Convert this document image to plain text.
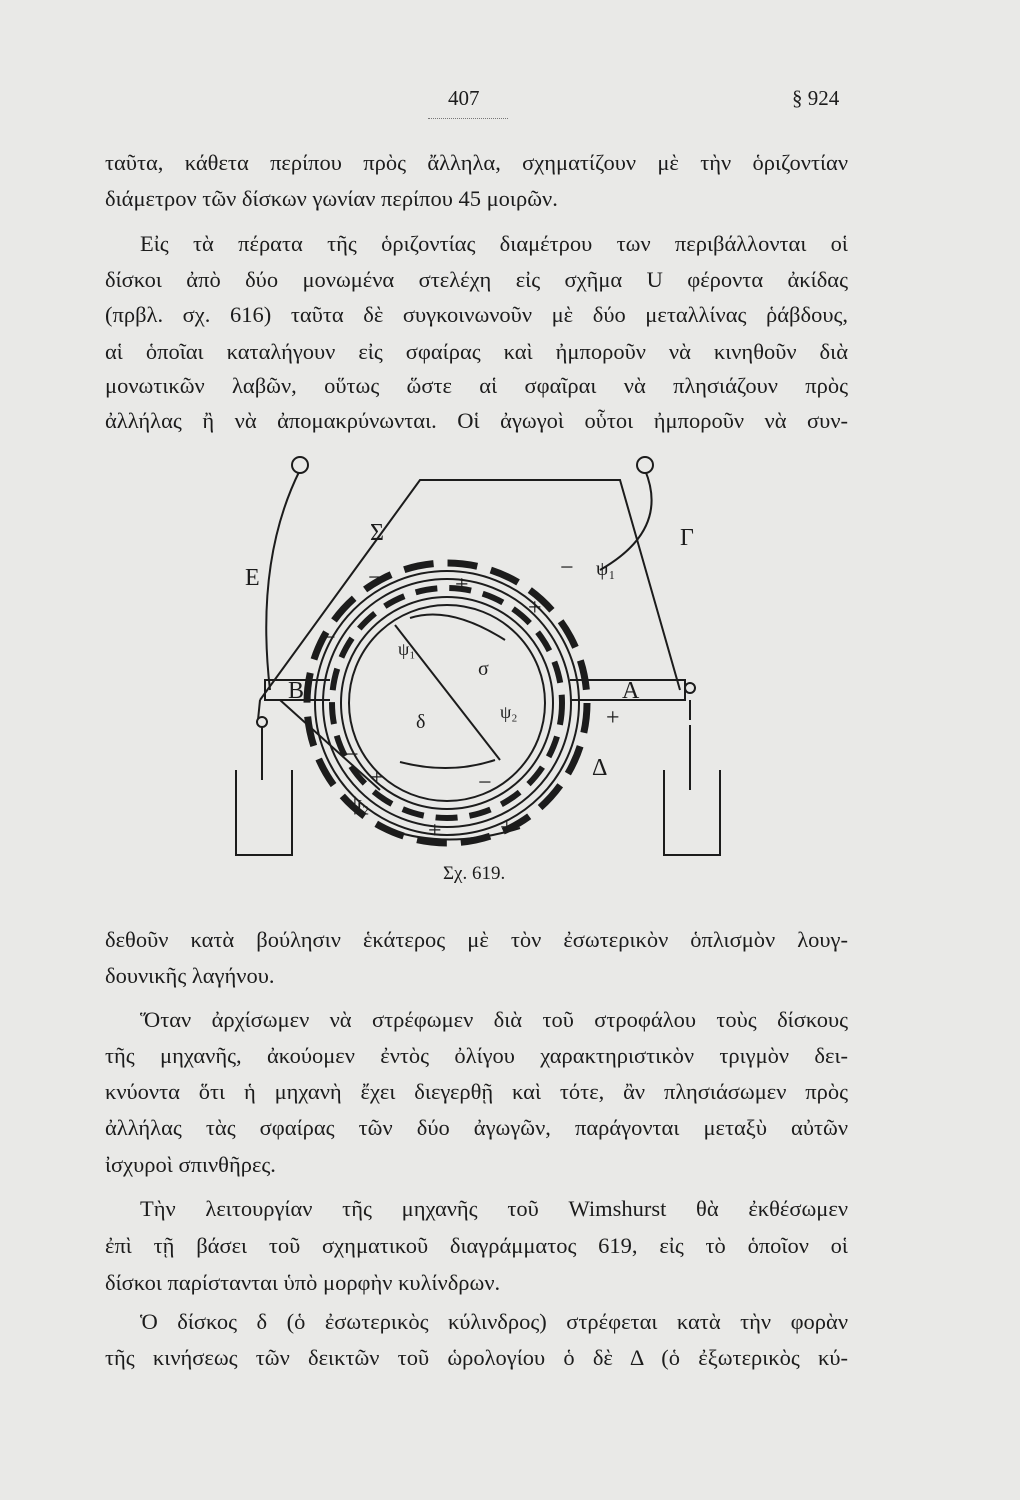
407	§ 924
ταῦτα, κάθετα περίπου πρὸς ἄλληλα, σχηματίζουν μὲ τὴν ὁριζοντίαν
διάμετρον τῶν δίσκων γωνίαν περίπου 45 μοιρῶν.
Εἰς τὰ πέρατα τῆς ὁριζοντίας διαμέτρου των περιβάλλονται οἱ
δίσκοι ἀπὸ δύο μονωμένα στελέχη εἰς σχῆμα U φέροντα ἀκίδας
(πρβλ. σχ. 616) ταῦτα δὲ συγκοινωνοῦν μὲ δύο μεταλλίνας ῥάβδους,
αἱ ὁποῖαι καταλήγουν εἰς σφαίρας καὶ ἠμποροῦν νὰ κινηθοῦν διὰ
μονωτικῶν λαβῶν, οὕτως ὥστε αἱ σφαῖραι νὰ πλησιάζουν πρὸς
ἀλλήλας ἢ νὰ ἀπομακρύνωνται. Οἱ ἀγωγοὶ οὗτοι ἠμποροῦν νὰ συν-
Σ
Ε
Γ
Β	Α
Δ
ψ₁
ψ₁
ψ₂
ψ₂
σ
δ
+
+
+
+ +
+
−
−
−
−
−
Σχ. 619.
δεθοῦν κατὰ βούλησιν ἑκάτερος μὲ τὸν ἐσωτερικὸν ὁπλισμὸν λουγ-
δουνικῆς λαγήνου.
Ὅταν ἀρχίσωμεν νὰ στρέφωμεν διὰ τοῦ στροφάλου τοὺς δίσκους
τῆς μηχανῆς, ἀκούομεν ἐντὸς ὀλίγου χαρακτηριστικὸν τριγμὸν δει-
κνύοντα ὅτι ἡ μηχανὴ ἔχει διεγερθῇ καὶ τότε, ἂν πλησιάσωμεν πρὸς
ἀλλήλας τὰς σφαίρας τῶν δύο ἀγωγῶν, παράγονται μεταξὺ αὐτῶν
ἰσχυροὶ σπινθῆρες.
Τὴν λειτουργίαν τῆς μηχανῆς τοῦ Wimshurst θὰ ἐκθέσωμεν
ἐπὶ τῇ βάσει τοῦ σχηματικοῦ διαγράμματος 619, εἰς τὸ ὁποῖον οἱ
δίσκοι παρίστανται ὑπὸ μορφὴν κυλίνδρων.
Ὁ δίσκος δ (ὁ ἐσωτερικὸς κύλινδρος) στρέφεται κατὰ τὴν φορὰν
τῆς κινήσεως τῶν δεικτῶν τοῦ ὡρολογίου ὁ δὲ Δ (ὁ ἐξωτερικὸς κύ-
